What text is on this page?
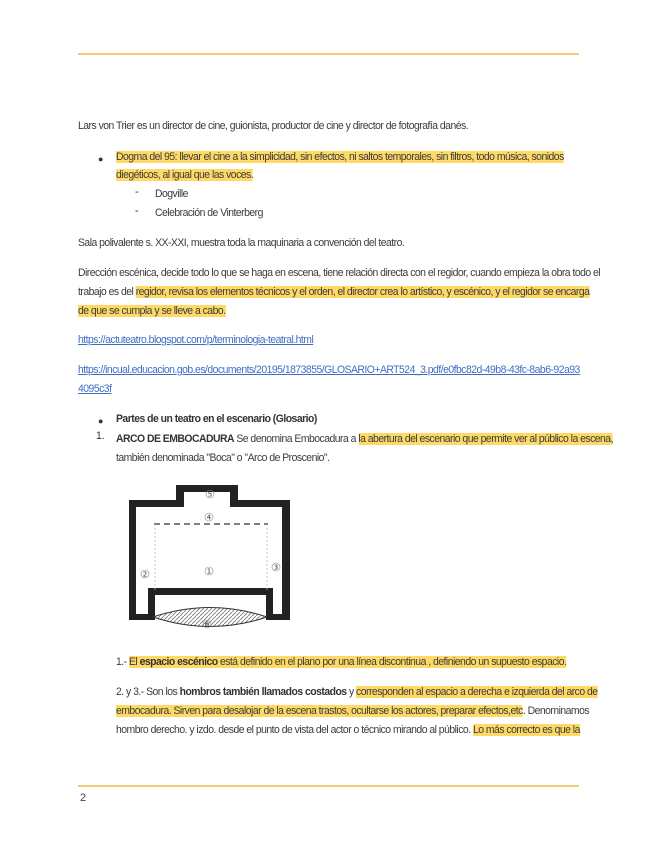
Lars von Trier es un director de cine, guionista, productor de cine y director de fotografía danés.
● Dogma del 95: llevar el cine a la simplicidad, sin efectos, ni saltos temporales, sin filtros, todo música, sonidos
diegéticos, al igual que las voces.
- Dogville
- Celebración de Vinterberg
Sala polivalente s. XX-XXI, muestra toda la maquinaria a convención del teatro.
Dirección escénica, decide todo lo que se haga en escena, tiene relación directa con el regidor, cuando empieza la obra todo el
trabajo es del regidor, revisa los elementos técnicos y el orden, el director crea lo artístico, y escénico, y el regidor se encarga
de que se cumpla y se lleve a cabo.
https://actuteatro.blogspot.com/p/terminologia-teatral.html
https://incual.educacion.gob.es/documents/20195/1873855/GLOSARIO+ART524_3.pdf/e0fbc82d-49b8-43fc-8ab6-92a93
4095c3f
● Partes de un teatro en el escenario (Glosario)
1. ARCO DE EMBOCADURA Se denomina Embocadura a la abertura del escenario que permite ver al público la escena,
también denominada "Boca" o "Arco de Proscenio".
5
4
1
2
3
6
1.- El espacio escénico está definido en el plano por una línea discontinua , definiendo un supuesto espacio.
2. y 3.- Son los hombros también llamados costados y corresponden al espacio a derecha e izquierda del arco de
embocadura. Sirven para desalojar de la escena trastos, ocultarse los actores, preparar efectos,etc. Denominamos
hombro derecho. y izdo. desde el punto de vista del actor o técnico mirando al público. Lo más correcto es que la
2
